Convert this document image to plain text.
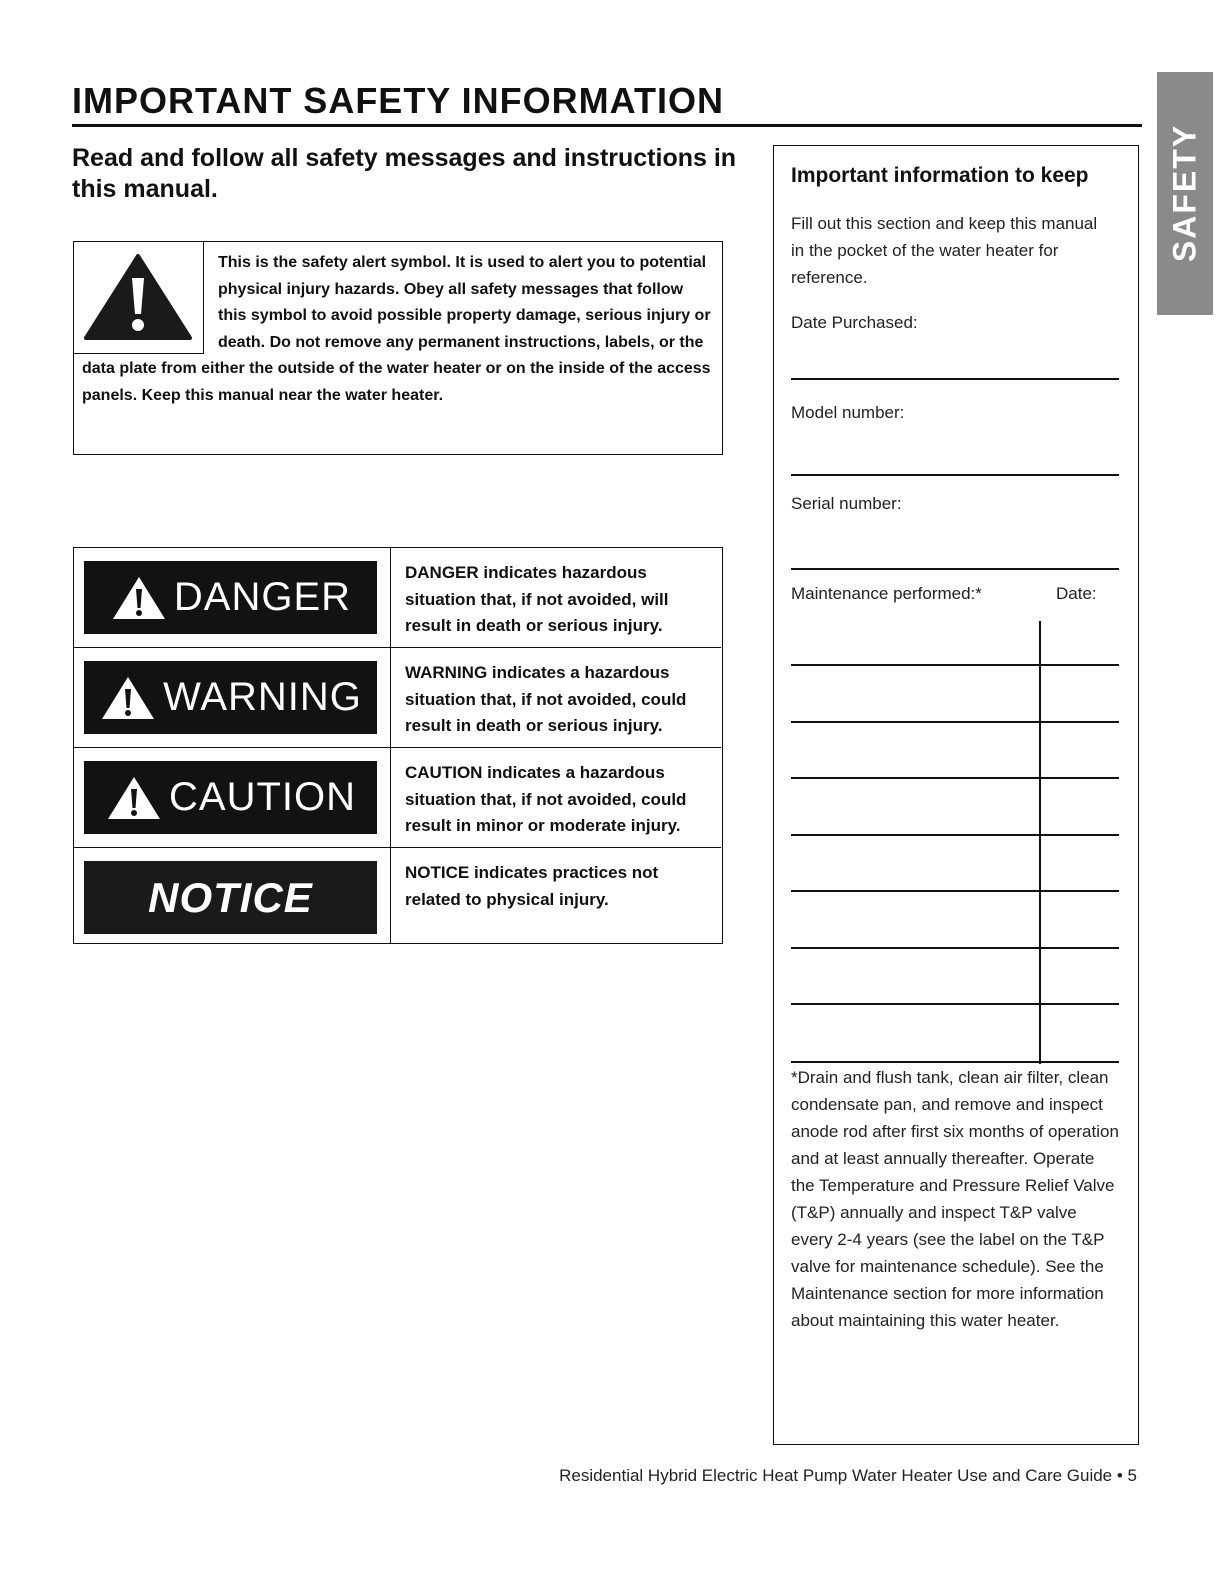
IMPORTANT SAFETY INFORMATION
SAFETY
Read and follow all safety messages and instructions in this manual.
This is the safety alert symbol. It is used to alert you to potential physical injury hazards. Obey all safety messages that follow this symbol to avoid possible property damage, serious injury or death. Do not remove any permanent instructions, labels, or the data plate from either the outside of the water heater or on the inside of the access panels. Keep this manual near the water heater.
DANGER
DANGER indicates hazardous situation that, if not avoided, will result in death or serious injury.
WARNING
WARNING indicates a hazardous situation that, if not avoided, could result in death or serious injury.
CAUTION
CAUTION indicates a hazardous situation that, if not avoided, could result in minor or moderate injury.
NOTICE
NOTICE indicates practices not related to physical injury.
Important information to keep
Fill out this section and keep this manual in the pocket of the water heater for reference.
Date Purchased:
Model number:
Serial number:
Maintenance performed:*	Date:
*Drain and flush tank, clean air filter, clean condensate pan, and remove and inspect anode rod after first six months of operation and at least annually thereafter. Operate the Temperature and Pressure Relief Valve (T&P) annually and inspect T&P valve every 2-4 years (see the label on the T&P valve for maintenance schedule). See the Maintenance section for more information about maintaining this water heater.
Residential Hybrid Electric Heat Pump Water Heater Use and Care Guide • 5
